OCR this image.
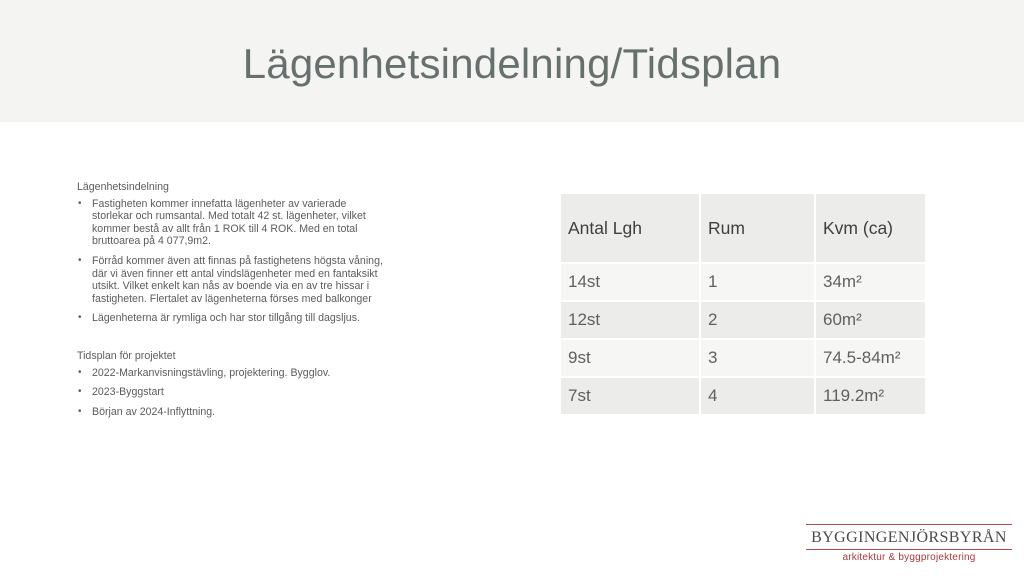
Lägenhetsindelning/Tidsplan
Lägenhetsindelning
• Fastigheten kommer innefatta lägenheter av varierade storlekar och rumsantal. Med totalt 42 st. lägenheter, vilket kommer bestå av allt från 1 ROK till 4 ROK. Med en total bruttoarea på 4 077,9m2.
• Förråd kommer även att finnas på fastighetens högsta våning, där vi även finner ett antal vindslägenheter med en fantaksikt utsikt. Vilket enkelt kan nås av boende via en av tre hissar i fastigheten. Flertalet av lägenheterna förses med balkonger
• Lägenheterna är rymliga och har stor tillgång till dagsljus.
Tidsplan för projektet
• 2022-Markanvisningstävling, projektering. Bygglov.
• 2023-Byggstart
• Början av 2024-Inflyttning.
Antal Lgh	Rum	Kvm (ca)
14st	1	34m²
12st	2	60m²
9st	3	74.5-84m²
7st	4	119.2m²
BYGGINGENJÖRSBYRÅN
arkitektur & byggprojektering
